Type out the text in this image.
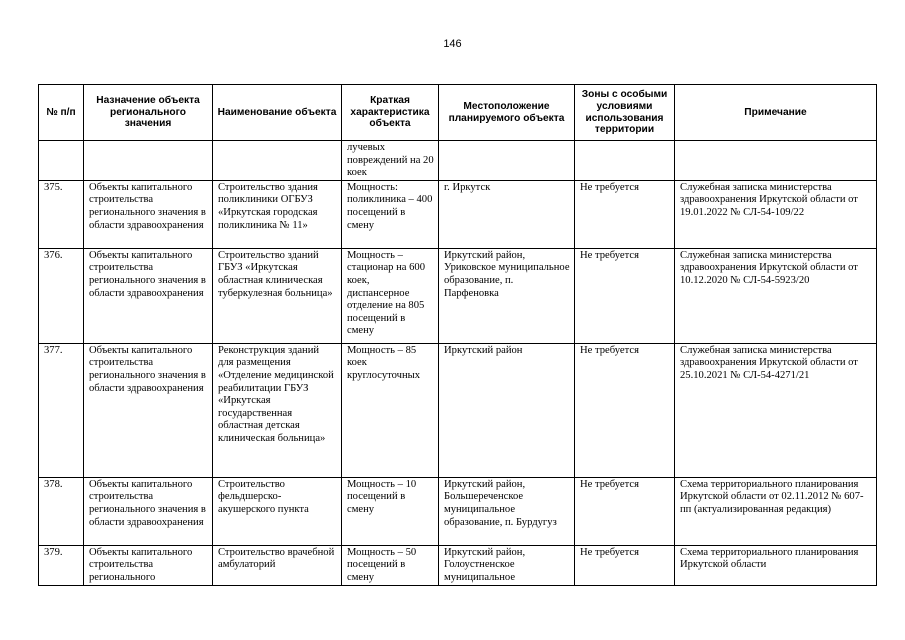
146
№ п/п	Назначение объекта регионального значения	Наименование объекта	Краткая характеристика объекта	Местоположение планируемого объекта	Зоны с особыми условиями использования территории	Примечание
			лучевых повреждений на 20 коек			
375.	Объекты капитального строительства регионального значения в области здравоохранения	Строительство здания поликлиники ОГБУЗ «Иркутская городская поликлиника № 11»	Мощность: поликлиника – 400 посещений в смену	г. Иркутск	Не требуется	Служебная записка министерства здравоохранения Иркутской области от 19.01.2022 № СЛ-54-109/22
376.	Объекты капитального строительства регионального значения в области здравоохранения	Строительство зданий ГБУЗ «Иркутская областная клиническая туберкулезная больница»	Мощность – стационар на 600 коек, диспансерное отделение на 805 посещений в смену	Иркутский район, Уриковское муниципальное образование, п. Парфеновка	Не требуется	Служебная записка министерства здравоохранения Иркутской области от 10.12.2020 № СЛ-54-5923/20
377.	Объекты капитального строительства регионального значения в области здравоохранения	Реконструкция зданий для размещения «Отделение медицинской реабилитации ГБУЗ «Иркутская государственная областная детская клиническая больница»	Мощность – 85 коек круглосуточных	Иркутский район	Не требуется	Служебная записка министерства здравоохранения Иркутской области от 25.10.2021 № СЛ-54-4271/21
378.	Объекты капитального строительства регионального значения в области здравоохранения	Строительство фельдшерско-акушерского пункта	Мощность – 10 посещений в смену	Иркутский район, Большереченское муниципальное образование, п. Бурдугуз	Не требуется	Схема территориального планирования Иркутской области от 02.11.2012 № 607-пп (актуализированная редакция)
379.	Объекты капитального строительства регионального	Строительство врачебной амбулаторий	Мощность – 50 посещений в смену	Иркутский район, Голоустненское муниципальное	Не требуется	Схема территориального планирования Иркутской области
